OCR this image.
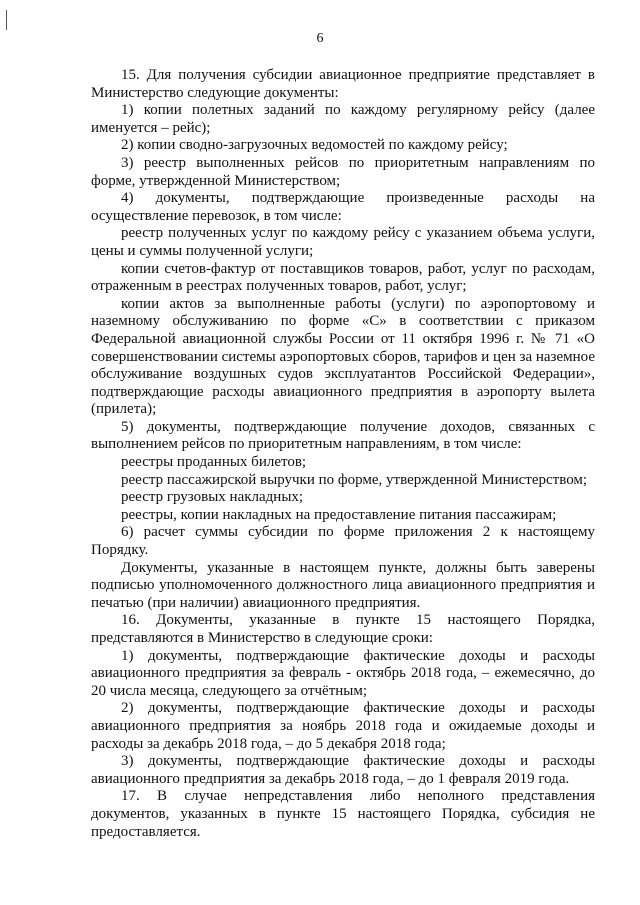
6

15. Для получения субсидии авиационное предприятие представляет в Министерство следующие документы:

1) копии полетных заданий по каждому регулярному рейсу (далее именуется – рейс);

2) копии сводно-загрузочных ведомостей по каждому рейсу;

3) реестр выполненных рейсов по приоритетным направлениям по форме, утвержденной Министерством;

4) документы, подтверждающие произведенные расходы на осуществление перевозок, в том числе:

реестр полученных услуг по каждому рейсу с указанием объема услуги, цены и суммы полученной услуги;

копии счетов-фактур от поставщиков товаров, работ, услуг по расходам, отраженным в реестрах полученных товаров, работ, услуг;

копии актов за выполненные работы (услуги) по аэропортовому и наземному обслуживанию по форме «С» в соответствии с приказом Федеральной авиационной службы России от 11 октября 1996 г. № 71 «О совершенствовании системы аэропортовых сборов, тарифов и цен за наземное обслуживание воздушных судов эксплуатантов Российской Федерации», подтверждающие расходы авиационного предприятия в аэропорту вылета (прилета);

5) документы, подтверждающие получение доходов, связанных с выполнением рейсов по приоритетным направлениям, в том числе:

реестры проданных билетов;

реестр пассажирской выручки по форме, утвержденной Министерством;

реестр грузовых накладных;

реестры, копии накладных на предоставление питания пассажирам;

6) расчет суммы субсидии по форме приложения 2 к настоящему Порядку.

Документы, указанные в настоящем пункте, должны быть заверены подписью уполномоченного должностного лица авиационного предприятия и печатью (при наличии) авиационного предприятия.

16. Документы, указанные в пункте 15 настоящего Порядка, представляются в Министерство в следующие сроки:

1) документы, подтверждающие фактические доходы и расходы авиационного предприятия за февраль - октябрь 2018 года, – ежемесячно, до 20 числа месяца, следующего за отчётным;

2) документы, подтверждающие фактические доходы и расходы авиационного предприятия за ноябрь 2018 года и ожидаемые доходы и расходы за декабрь 2018 года, – до 5 декабря 2018 года;

3) документы, подтверждающие фактические доходы и расходы авиационного предприятия за декабрь 2018 года, – до 1 февраля 2019 года.

17. В случае непредставления либо неполного представления документов, указанных в пункте 15 настоящего Порядка, субсидия не предоставляется.
